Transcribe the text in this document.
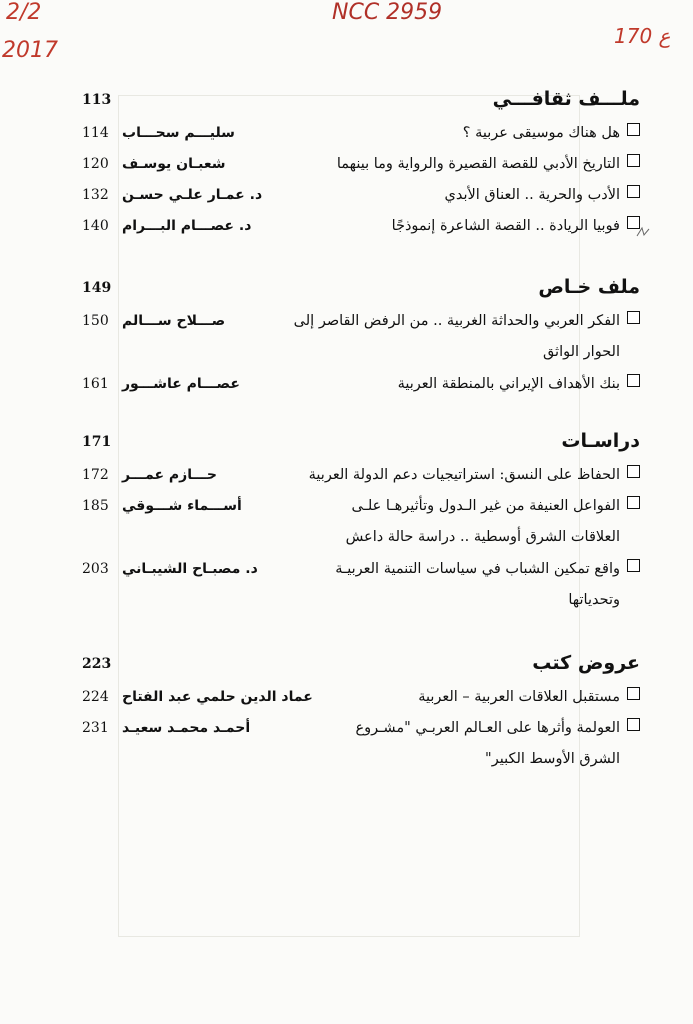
2/2
2017
NCC 2959
170 ع
ملـــف ثقافـــي
113
هل هناك موسيقى عربية ؟
سليـــم سحـــاب
114
التاريخ الأدبي للقصة القصيرة والرواية وما بينهما
شعبـان يوسـف
120
الأدب والحرية .. العناق الأبدي
د. عمـار علـي حسـن
132
فوبيا الريادة .. القصة الشاعرة إنموذجًا
د. عصـــام البـــرام
140
ملف خـاص
149
الفكر العربي والحداثة الغربية .. من الرفض القاصر إلى
الحوار الواثق
صـــلاح ســـالم
150
بنك الأهداف الإيراني بالمنطقة العربية
عصـــام عاشـــور
161
دراسـات
171
الحفاظ على النسق: استراتيجيات دعم الدولة العربية
حـــازم عمـــر
172
الفواعل العنيفة من غير الـدول وتأثيرهـا علـى
العلاقات الشرق أوسطية .. دراسة حالة داعش
أســـماء شـــوقي
185
واقع تمكين الشباب في سياسات التنمية العربيـة
وتحدياتها
د. مصبـاح الشيبـاني
203
عروض كتب
223
مستقبل العلاقات العربية – العربية
عماد الدين حلمي عبد الفتاح
224
العولمة وأثرها على العـالم العربـي "مشـروع
الشرق الأوسط الكبير"
أحمـد محمـد سعيـد
231
